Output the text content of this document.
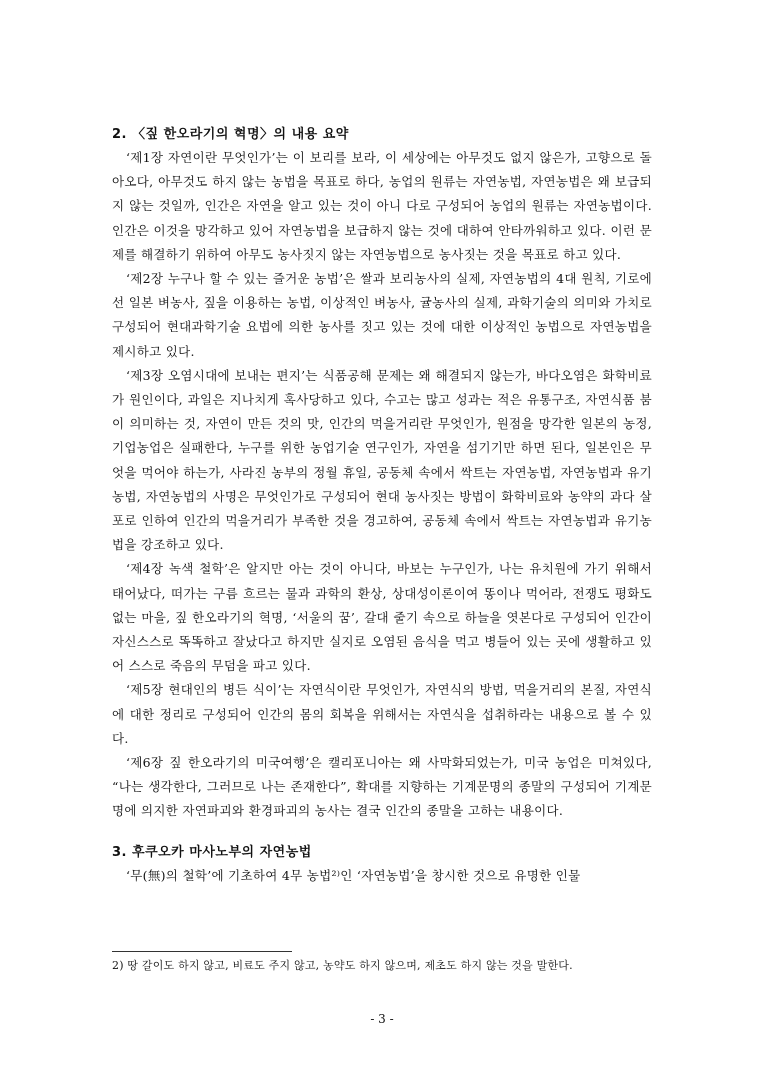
2. 〈짚 한오라기의 혁명〉의 내용 요약

‘제1장 자연이란 무엇인가’는 이 보리를 보라, 이 세상에는 아무것도 없지 않은가, 고향으로 돌아오다, 아무것도 하지 않는 농법을 목표로 하다, 농업의 원류는 자연농법, 자연농법은 왜 보급되지 않는 것일까, 인간은 자연을 알고 있는 것이 아니 다로 구성되어 농업의 원류는 자연농법이다. 인간은 이것을 망각하고 있어 자연농법을 보급하지 않는 것에 대하여 안타까워하고 있다. 이런 문제를 해결하기 위하여 아무도 농사짓지 않는 자연농법으로 농사짓는 것을 목표로 하고 있다.

‘제2장 누구나 할 수 있는 즐거운 농법’은 쌀과 보리농사의 실제, 자연농법의 4대 원칙, 기로에 선 일본 벼농사, 짚을 이용하는 농법, 이상적인 벼농사, 귤농사의 실제, 과학기술의 의미와 가치로 구성되어 현대과학기술 요법에 의한 농사를 짓고 있는 것에 대한 이상적인 농법으로 자연농법을 제시하고 있다.

‘제3장 오염시대에 보내는 편지’는 식품공해 문제는 왜 해결되지 않는가, 바다오염은 화학비료가 원인이다, 과일은 지나치게 혹사당하고 있다, 수고는 많고 성과는 적은 유통구조, 자연식품 붐이 의미하는 것, 자연이 만든 것의 맛, 인간의 먹을거리란 무엇인가, 원점을 망각한 일본의 농정, 기업농업은 실패한다, 누구를 위한 농업기술 연구인가, 자연을 섬기기만 하면 된다, 일본인은 무엇을 먹어야 하는가, 사라진 농부의 정월 휴일, 공동체 속에서 싹트는 자연농법, 자연농법과 유기농법, 자연농법의 사명은 무엇인가로 구성되어 현대 농사짓는 방법이 화학비료와 농약의 과다 살포로 인하여 인간의 먹을거리가 부족한 것을 경고하여, 공동체 속에서 싹트는 자연농법과 유기농법을 강조하고 있다.

‘제4장 녹색 철학’은 알지만 아는 것이 아니다, 바보는 누구인가, 나는 유치원에 가기 위해서 태어났다, 떠가는 구름 흐르는 물과 과학의 환상, 상대성이론이여 똥이나 먹어라, 전쟁도 평화도 없는 마을, 짚 한오라기의 혁명, ‘서울의 꿈’, 갈대 줄기 속으로 하늘을 엿본다로 구성되어 인간이 자신스스로 똑똑하고 잘났다고 하지만 실지로 오염된 음식을 먹고 병들어 있는 곳에 생활하고 있어 스스로 죽음의 무덤을 파고 있다.

‘제5장 현대인의 병든 식이’는 자연식이란 무엇인가, 자연식의 방법, 먹을거리의 본질, 자연식에 대한 정리로 구성되어 인간의 몸의 회복을 위해서는 자연식을 섭취하라는 내용으로 볼 수 있다.

‘제6장 짚 한오라기의 미국여행’은 캘리포니아는 왜 사막화되었는가, 미국 농업은 미쳐있다, “나는 생각한다, 그러므로 나는 존재한다”, 확대를 지향하는 기계문명의 종말의 구성되어 기계문명에 의지한 자연파괴와 환경파괴의 농사는 결국 인간의 종말을 고하는 내용이다.

3. 후쿠오카 마사노부의 자연농법

‘무(無)의 철학’에 기초하여 4무 농법²⁾인 ‘자연농법’을 창시한 것으로 유명한 인물

2) 땅 갈이도 하지 않고, 비료도 주지 않고, 농약도 하지 않으며, 제초도 하지 않는 것을 말한다.

- 3 -
